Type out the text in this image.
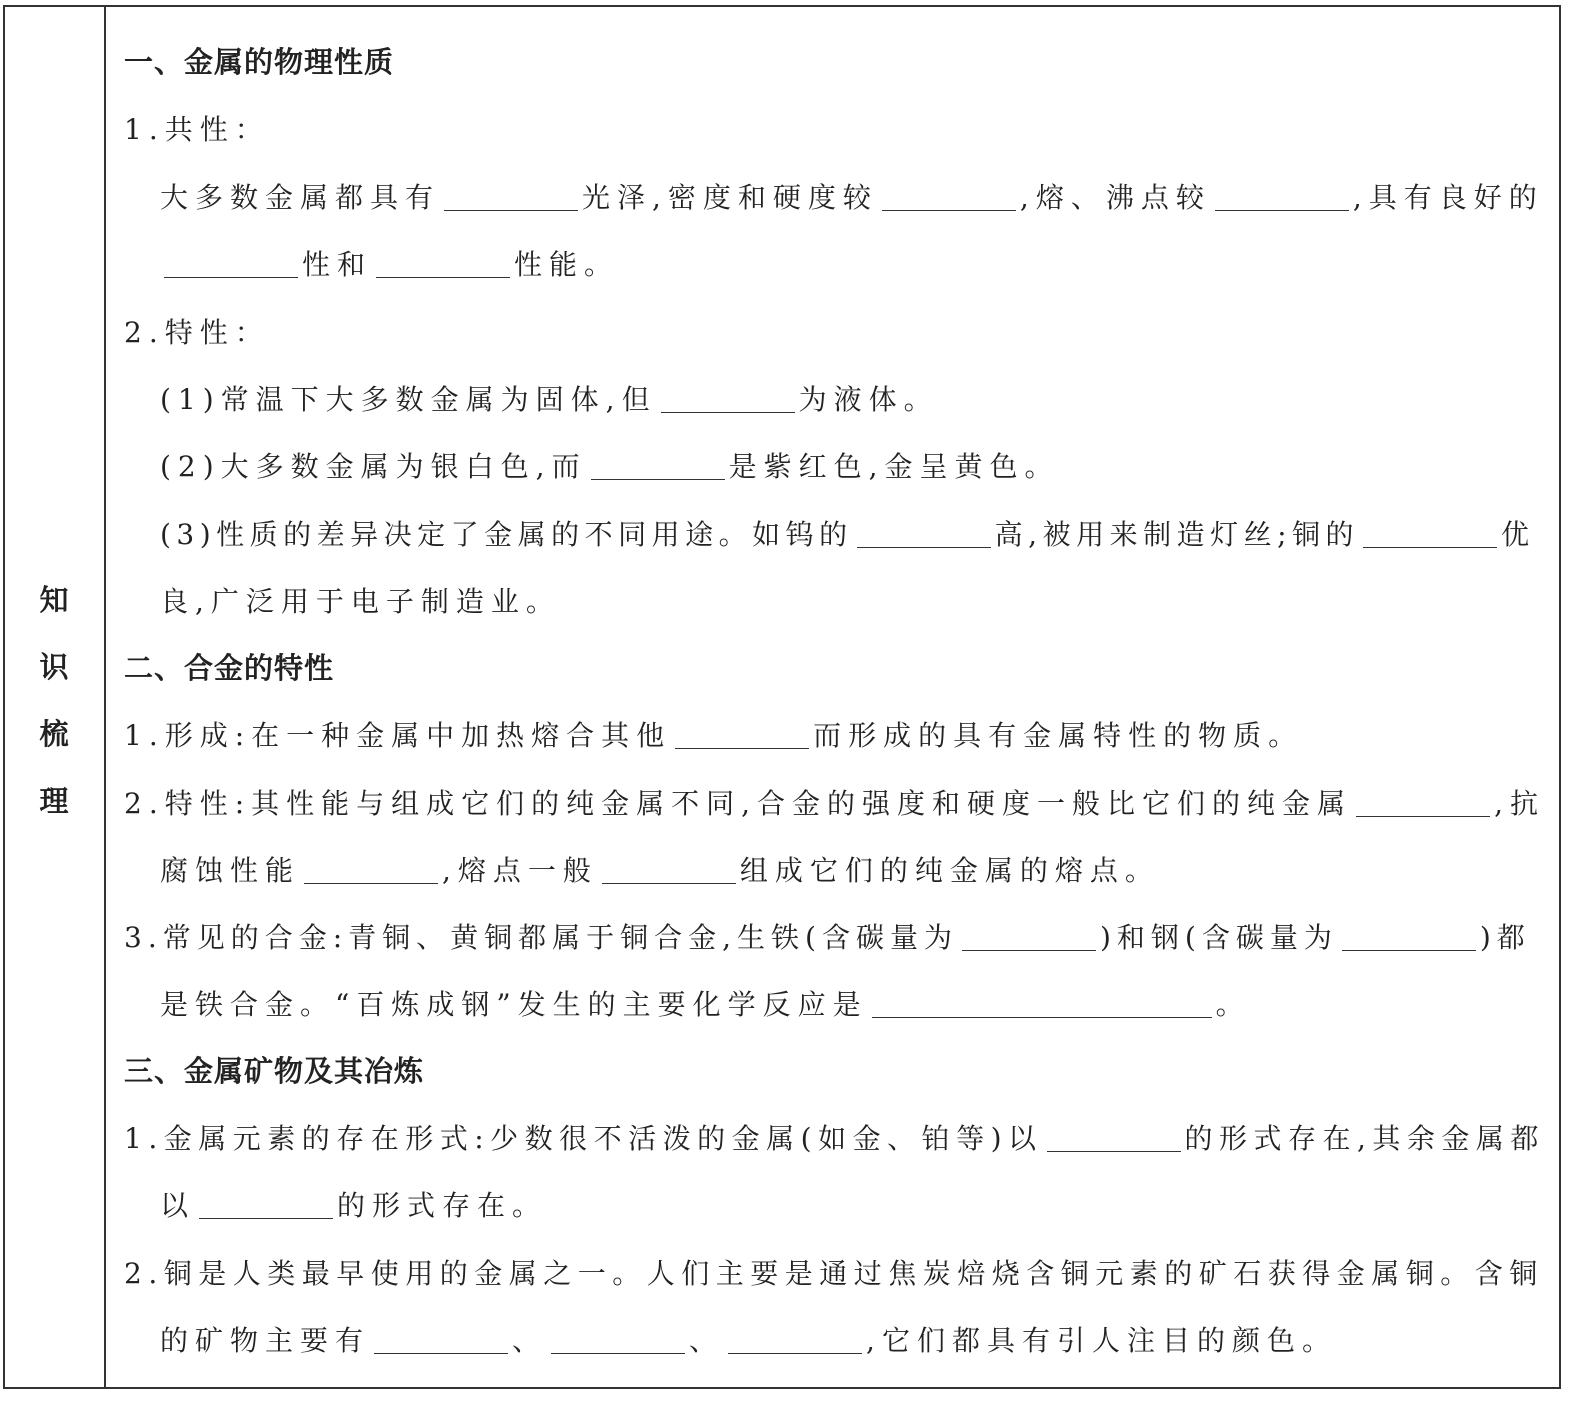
知
识
梳
理
一、金属的物理性质
1.共性：
大多数金属都具有	光泽,密度和硬度较	,熔、沸点较	,具有良好的
性和	性能。
2.特性：
(1)常温下大多数金属为固体,但	为液体。
(2)大多数金属为银白色,而	是紫红色,金呈黄色。
(3)性质的差异决定了金属的不同用途。如钨的	高,被用来制造灯丝;铜的	优
良,广泛用于电子制造业。
二、合金的特性
1.形成:在一种金属中加热熔合其他	而形成的具有金属特性的物质。
2.特性:其性能与组成它们的纯金属不同,合金的强度和硬度一般比它们的纯金属	,抗
腐蚀性能	,熔点一般	组成它们的纯金属的熔点。
3.常见的合金:青铜、黄铜都属于铜合金,生铁(含碳量为	)和钢(含碳量为	)都
是铁合金。“百炼成钢”发生的主要化学反应是	。
三、金属矿物及其冶炼
1.金属元素的存在形式:少数很不活泼的金属(如金、铂等)以	的形式存在,其余金属都
以	的形式存在。
2.铜是人类最早使用的金属之一。人们主要是通过焦炭焙烧含铜元素的矿石获得金属铜。含铜
的矿物主要有	、	、	,它们都具有引人注目的颜色。
